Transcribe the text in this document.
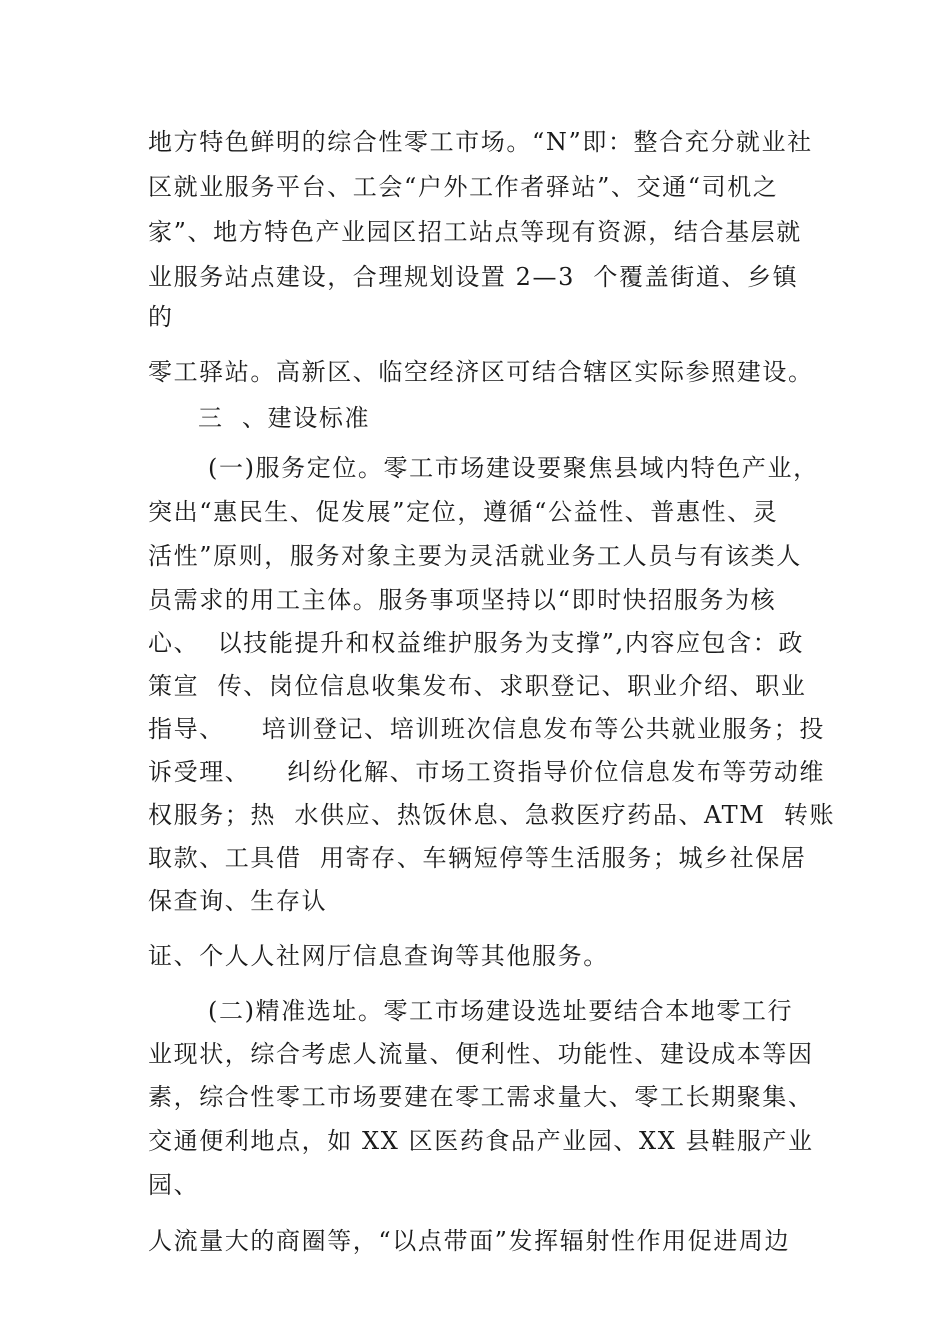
地方特色鲜明的综合性零工市场。“N”即：整合充分就业社
区就业服务平台、工会“户外工作者驿站”、交通“司机之
家”、地方特色产业园区招工站点等现有资源，结合基层就
业服务站点建设，合理规划设置 2—3  个覆盖街道、乡镇
的
零工驿站。高新区、临空经济区可结合辖区实际参照建设。
三  、建设标准
(一)服务定位。零工市场建设要聚焦县域内特色产业，
突出“惠民生、促发展”定位，遵循“公益性、普惠性、灵
活性”原则，服务对象主要为灵活就业务工人员与有该类人
员需求的用工主体。服务事项坚持以“即时快招服务为核
心、  以技能提升和权益维护服务为支撑”,内容应包含：政
策宣  传、岗位信息收集发布、求职登记、职业介绍、职业
指导、    培训登记、培训班次信息发布等公共就业服务；投
诉受理、    纠纷化解、市场工资指导价位信息发布等劳动维
权服务；热  水供应、热饭休息、急救医疗药品、ATM  转账
取款、工具借  用寄存、车辆短停等生活服务；城乡社保居
保查询、生存认
证、个人人社网厅信息查询等其他服务。
(二)精准选址。零工市场建设选址要结合本地零工行
业现状，综合考虑人流量、便利性、功能性、建设成本等因
素，综合性零工市场要建在零工需求量大、零工长期聚集、
交通便利地点，如 XX 区医药食品产业园、XX 县鞋服产业
园、
人流量大的商圈等，“以点带面”发挥辐射性作用促进周边
